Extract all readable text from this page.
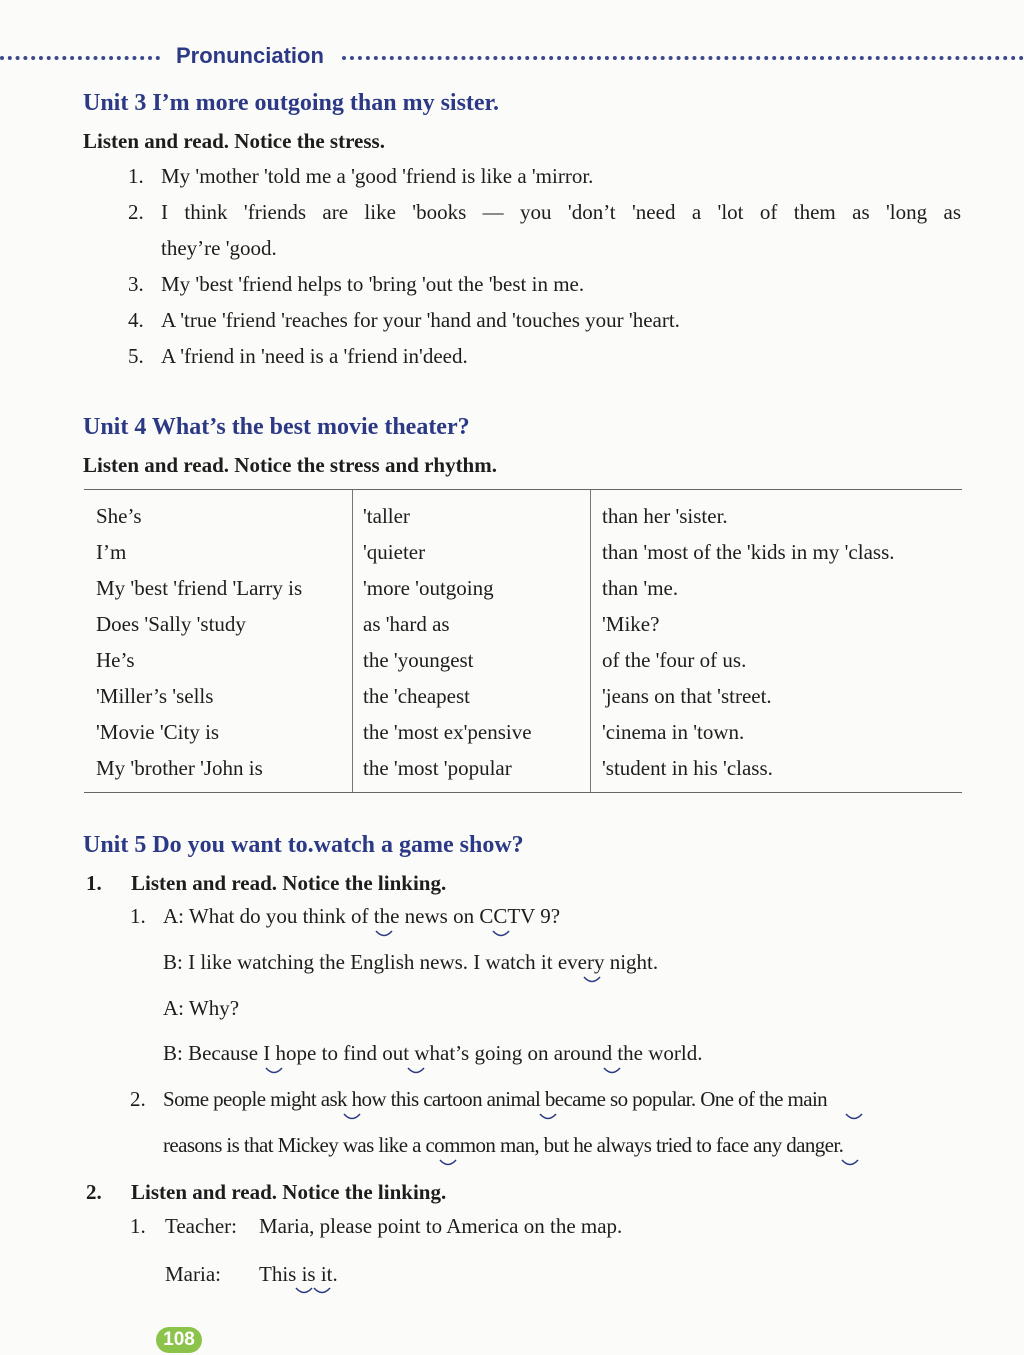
Pronunciation
Unit 3 I’m more outgoing than my sister.
Listen and read. Notice the stress.
1. My 'mother 'told me a 'good 'friend is like a 'mirror.
2. I think 'friends are like 'books — you 'don’t 'need a 'lot of them as 'long as
they’re 'good.
3. My 'best 'friend helps to 'bring 'out the 'best in me.
4. A 'true 'friend 'reaches for your 'hand and 'touches your 'heart.
5. A 'friend in 'need is a 'friend in'deed.
Unit 4 What’s the best movie theater?
Listen and read. Notice the stress and rhythm.
She’s
I’m
My 'best 'friend 'Larry is
Does 'Sally 'study
He’s
'Miller’s 'sells
'Movie 'City is
My 'brother 'John is
'taller
'quieter
'more 'outgoing
as 'hard as
the 'youngest
the 'cheapest
the 'most ex'pensive
the 'most 'popular
than her 'sister.
than 'most of the 'kids in my 'class.
than 'me.
'Mike?
of the 'four of us.
'jeans on that 'street.
'cinema in 'town.
'student in his 'class.
Unit 5 Do you want to.watch a game show?
1. Listen and read. Notice the linking.
1. A: What do you think of the news on CCTV 9?
B: I like watching the English news. I watch it every night.
A: Why?
B: Because I hope to find out what’s going on around the world.
2. Some people might ask how this cartoon animal became so popular. One of the main
reasons is that Mickey was like a common man, but he always tried to face any danger.
2. Listen and read. Notice the linking.
1. Teacher: Maria, please point to America on the map.
Maria: This is it.
108
